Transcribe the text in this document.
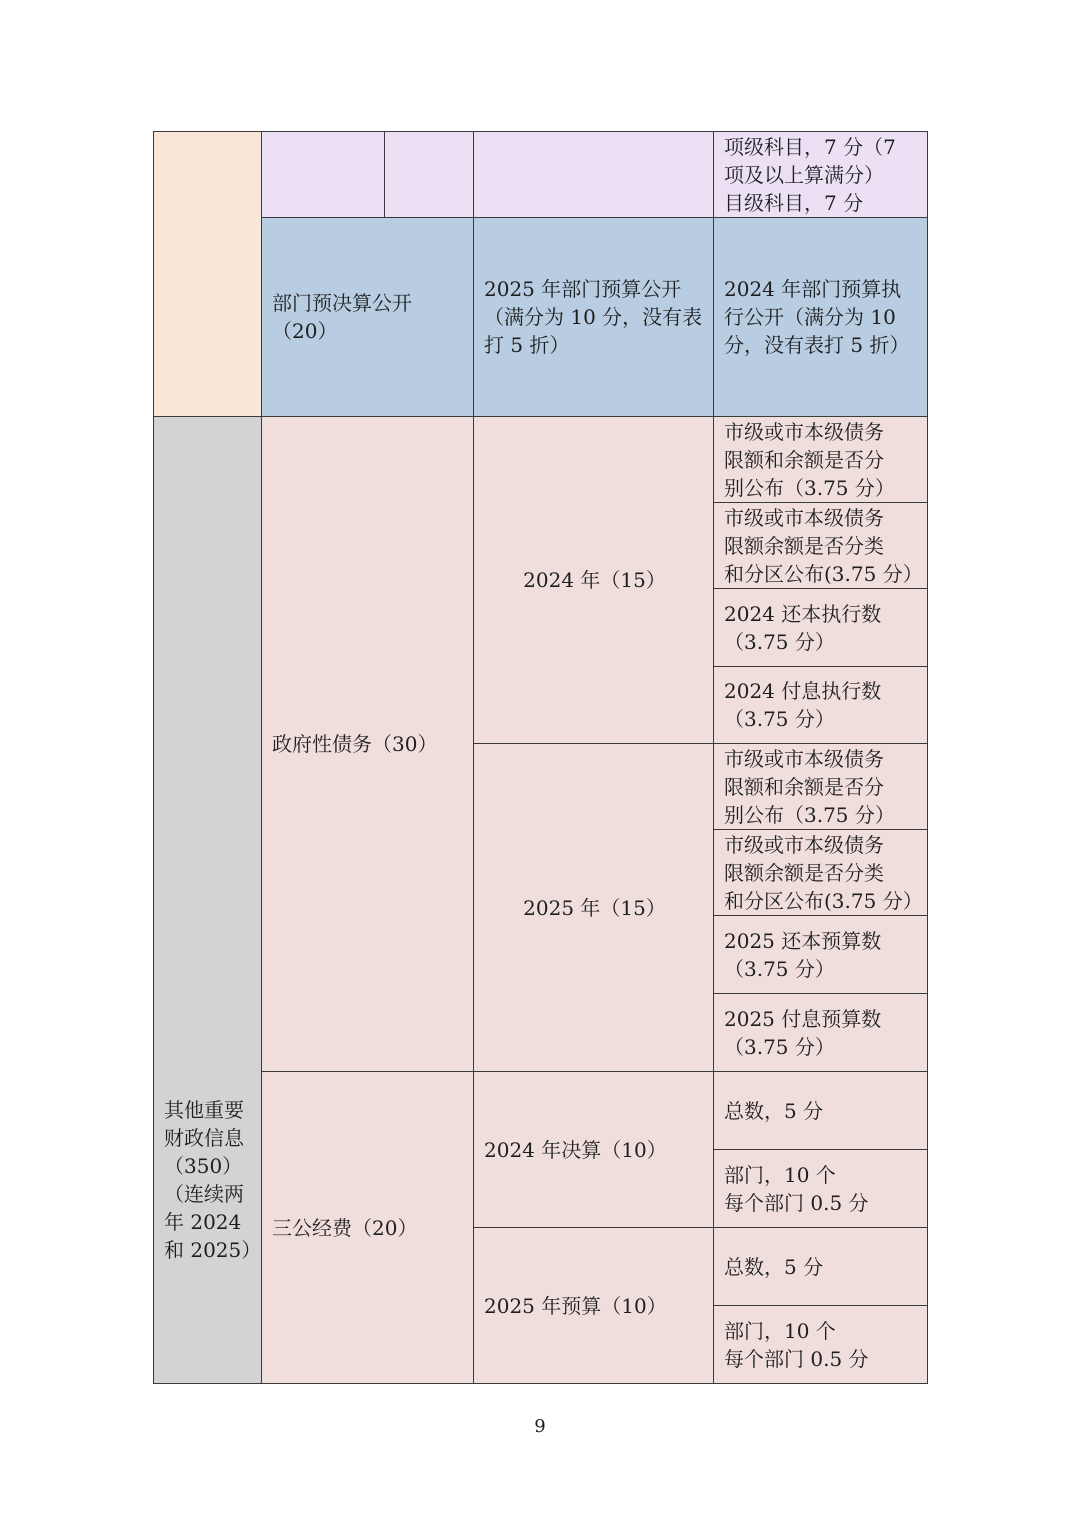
项级科目，7 分（7
项及以上算满分）
目级科目，7 分
部门预决算公开
（20）
2025 年部门预算公开
（满分为 10 分，没有表
打 5 折）
2024 年部门预算执
行公开（满分为 10
分，没有表打 5 折）
其他重要
财政信息
（350）
（连续两
年 2024
和 2025）
政府性债务（30）
2024 年（15）
市级或市本级债务
限额和余额是否分
别公布（3.75 分）
市级或市本级债务
限额余额是否分类
和分区公布(3.75 分）
2024 还本执行数
（3.75 分）
2024 付息执行数
（3.75 分）
2025 年（15）
市级或市本级债务
限额和余额是否分
别公布（3.75 分）
市级或市本级债务
限额余额是否分类
和分区公布(3.75 分）
2025 还本预算数
（3.75 分）
2025 付息预算数
（3.75 分）
三公经费（20）
2024 年决算（10）
总数，5 分
部门，10 个
每个部门 0.5 分
2025 年预算（10）
总数，5 分
部门，10 个
每个部门 0.5 分
9
